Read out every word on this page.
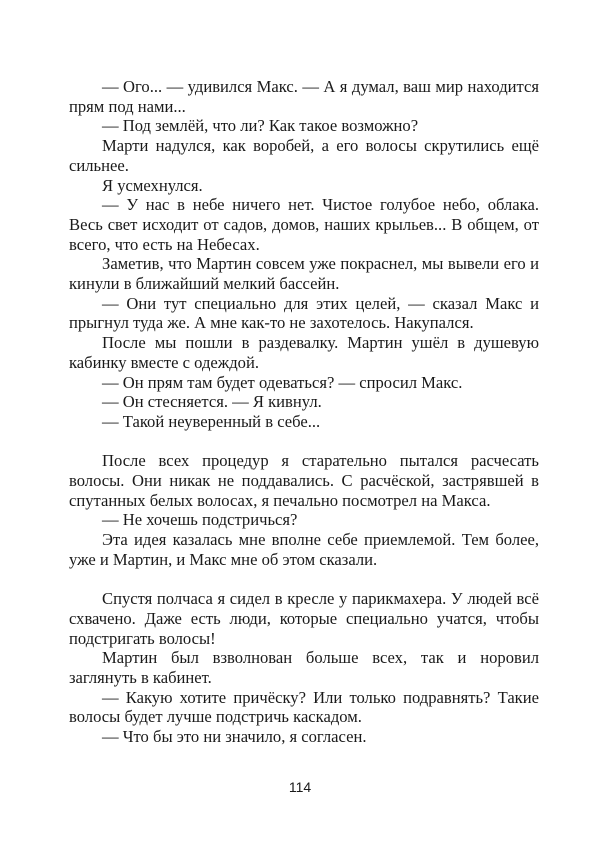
— Ого... — удивился Макс. — А я думал, ваш мир находится прям под нами...

— Под землёй, что ли? Как такое возможно?

Марти надулся, как воробей, а его волосы скрутились ещё сильнее.

Я усмехнулся.

— У нас в небе ничего нет. Чистое голубое небо, облака. Весь свет исходит от садов, домов, наших крыльев... В общем, от всего, что есть на Небесах.

Заметив, что Мартин совсем уже покраснел, мы вывели его и кинули в ближайший мелкий бассейн.

— Они тут специально для этих целей, — сказал Макс и прыгнул туда же. А мне как-то не захотелось. Накупался.

После мы пошли в раздевалку. Мартин ушёл в душевую кабинку вместе с одеждой.

— Он прям там будет одеваться? — спросил Макс.

— Он стесняется. — Я кивнул.

— Такой неуверенный в себе...

После всех процедур я старательно пытался расчесать волосы. Они никак не поддавались. С расчёской, застрявшей в спутанных белых волосах, я печально посмотрел на Макса.

— Не хочешь подстричься?

Эта идея казалась мне вполне себе приемлемой. Тем более, уже и Мартин, и Макс мне об этом сказали.

Спустя полчаса я сидел в кресле у парикмахера. У людей всё схвачено. Даже есть люди, которые специально учатся, чтобы подстригать волосы!

Мартин был взволнован больше всех, так и норовил заглянуть в кабинет.

— Какую хотите причёску? Или только подравнять? Такие волосы будет лучше подстричь каскадом.

— Что бы это ни значило, я согласен.

114
